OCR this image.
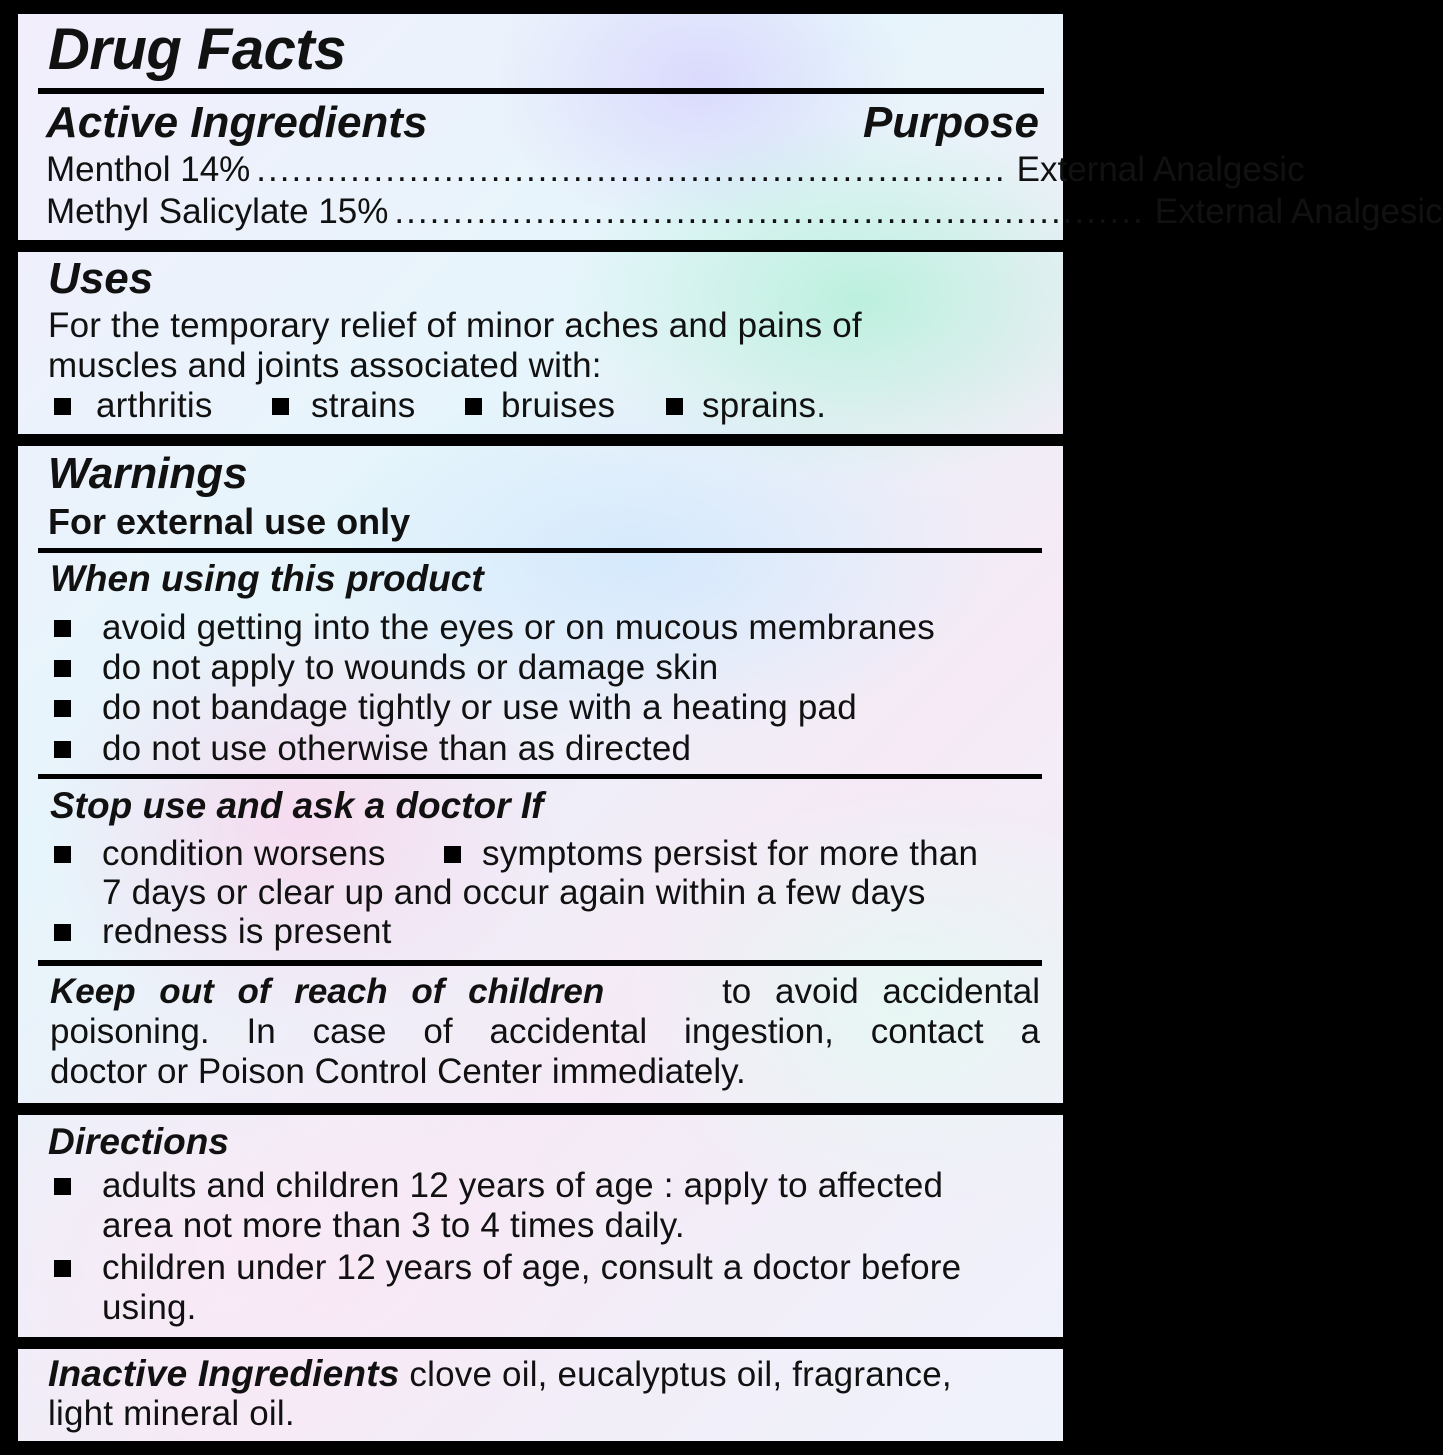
Drug Facts
Active Ingredients	Purpose
Menthol 14% ................................................................ External Analgesic
Methyl Salicylate 15% ................................................................ External Analgesic
Uses
For the temporary relief of minor aches and pains of
muscles and joints associated with:
arthritis	strains bruises sprains.
Warnings
For external use only
When using this product
avoid getting into the eyes or on mucous membranes
do not apply to wounds or damage skin
do not bandage tightly or use with a heating pad
do not use otherwise than as directed
Stop use and ask a doctor If
condition worsens	symptoms persist for more than
7 days or clear up and occur again within a few days
redness is present
Keep out of reach of children	to avoid accidental
poisoning. In case of accidental ingestion, contact a
doctor or Poison Control Center immediately.
Directions
adults and children 12 years of age : apply to affected
area not more than 3 to 4 times daily.
children under 12 years of age, consult a doctor before
using.
Inactive Ingredients clove oil, eucalyptus oil, fragrance,
light mineral oil.
